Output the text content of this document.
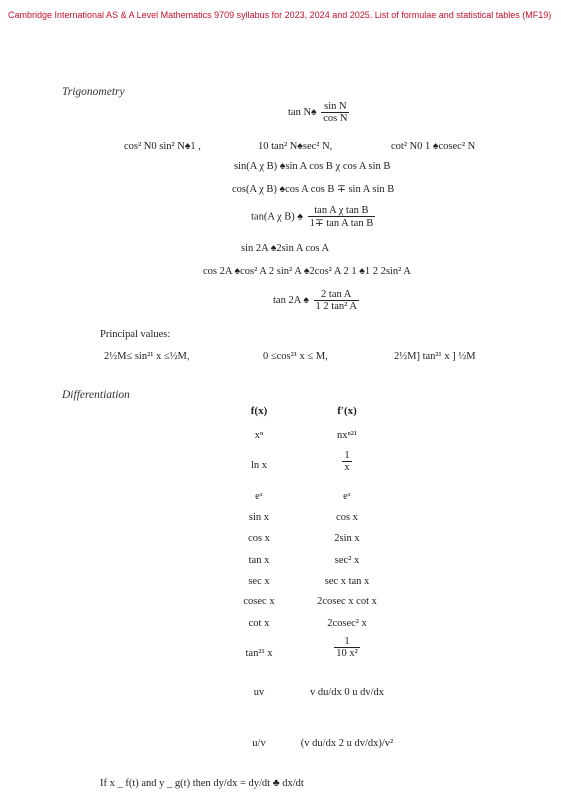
Cambridge International AS & A Level Mathematics 9709 syllabus for 2023, 2024 and 2025. List of formulae and statistical tables (MF19)
Trigonometry
tan N♠ $\frac{\text{sin N}}{\text{cos N}}$
cos² N0 sin² N♠1 ,	10 tan² N♠sec² N,	cot² N0 1 ♠cosec² N
sin(A χ B) ♠sin A cos B χ cos A sin B
cos(A χ B) ♠cos A cos B ∓ sin A sin B
tan(A χ B) ♠ $\frac{\text{tan A χ tan B}}{\text{1∓ tan A tan B}}$
sin 2A ♠2sin A cos A
cos 2A ♠cos² A 2 sin² A ♠2cos² A 2 1 ♠1 2 2sin² A
tan 2A ♠ $\frac{\text{2 tan A}}{\text{1 2 tan² A}}$
Principal values:
2½M≤ sin²¹ x ≤½M,	0 ≤cos²¹ x ≤ M,	2½M] tan²¹ x ] ½M
Differentiation
f(x)	f′(x)
xⁿ	nxⁿ²¹
ln x	$\frac{1}{x}$
eˣ	eˣ
sin x	cos x
cos x	2sin x
tan x	sec² x
sec x	sec x tan x
cosec x	2cosec x cot x
cot x	2cosec² x
tan²¹ x	$\frac{1}{\text{10 x²}}$
uv	v du/dx 0 u dv/dx
u/v	(v du/dx 2 u dv/dx)/v²
If x _ f(t) and y _ g(t) then dy/dx = dy/dt ♣ dx/dt
